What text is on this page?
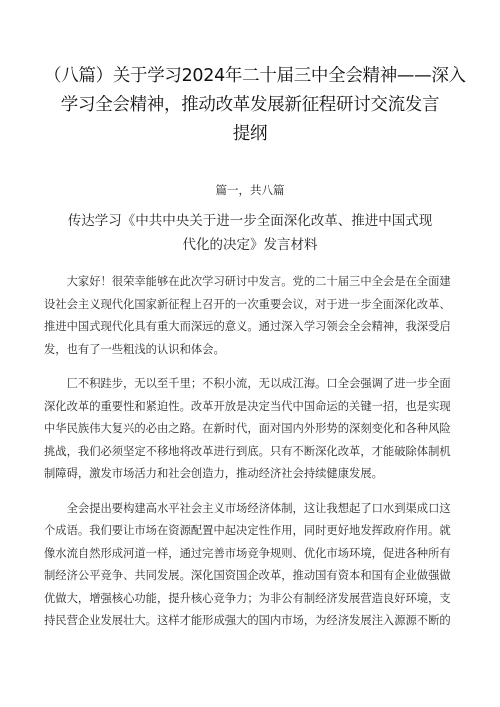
（八篇）关于学习2024年二十届三中全会精神——深入
学习全会精神，推动改革发展新征程研讨交流发言
提纲
篇一，共八篇
传达学习《中共中央关于进一步全面深化改革、推进中国式现
代化的决定》发言材料

大家好！很荣幸能够在此次学习研讨中发言。党的二十届三中全会是在全面建
设社会主义现代化国家新征程上召开的一次重要会议，对于进一步全面深化改革、
推进中国式现代化具有重大而深远的意义。通过深入学习领会全会精神，我深受启
发，也有了一些粗浅的认识和体会。

匚不积跬步，无以至千里；不积小流，无以成江海。口全会强调了进一步全面
深化改革的重要性和紧迫性。改革开放是决定当代中国命运的关键一招，也是实现
中华民族伟大复兴的必由之路。在新时代，面对国内外形势的深刻变化和各种风险
挑战，我们必须坚定不移地将改革进行到底。只有不断深化改革，才能破除体制机
制障碍，激发市场活力和社会创造力，推动经济社会持续健康发展。

全会提出要构建高水平社会主义市场经济体制，这让我想起了口水到渠成口这
个成语。我们要让市场在资源配置中起决定性作用，同时更好地发挥政府作用。就
像水流自然形成河道一样，通过完善市场竞争规则、优化市场环境，促进各种所有
制经济公平竞争、共同发展。深化国资国企改革，推动国有资本和国有企业做强做
优做大，增强核心功能，提升核心竞争力；为非公有制经济发展营造良好环境，支
持民营企业发展壮大。这样才能形成强大的国内市场，为经济发展注入源源不断的
